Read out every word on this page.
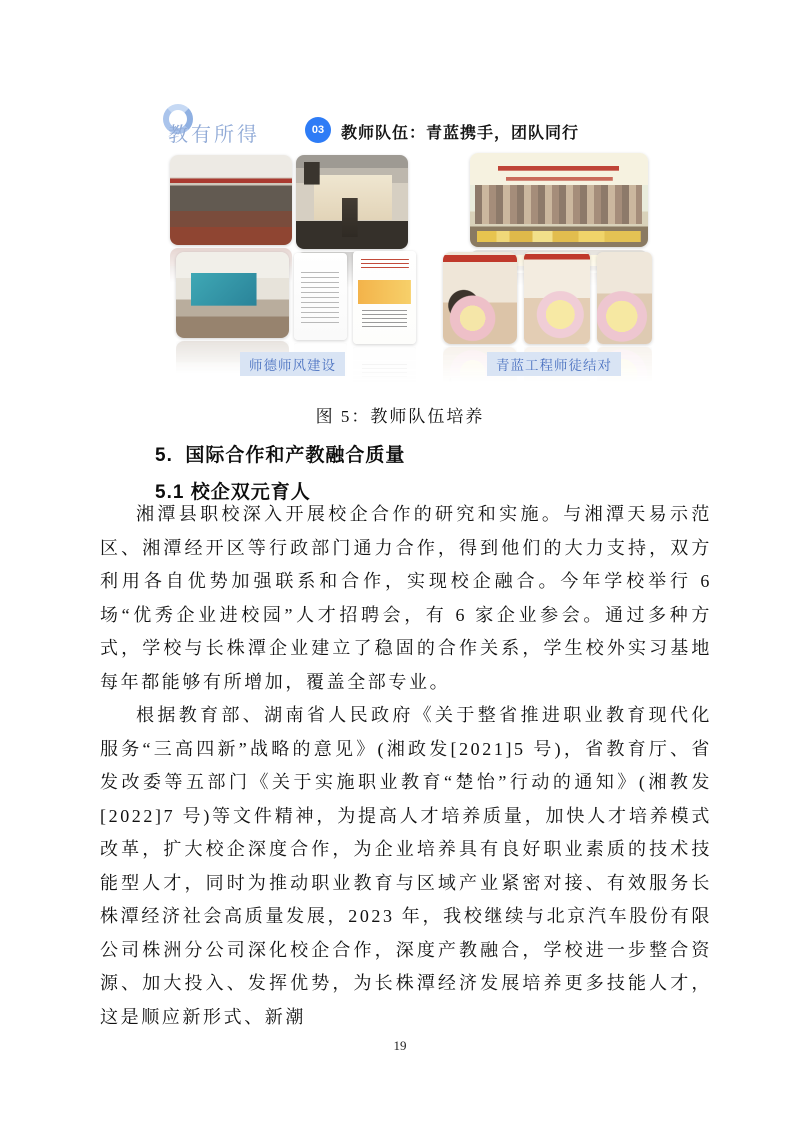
教有所得	03	教师队伍：青蓝携手，团队同行
师德师风建设	青蓝工程师徒结对
图 5：教师队伍培养
5.  国际合作和产教融合质量
5.1 校企双元育人

湘潭县职校深入开展校企合作的研究和实施。与湘潭天易示范区、湘潭经开区等行政部门通力合作，得到他们的大力支持，双方利用各自优势加强联系和合作，实现校企融合。今年学校举行 6 场“优秀企业进校园”人才招聘会，有 6 家企业参会。通过多种方式，学校与长株潭企业建立了稳固的合作关系，学生校外实习基地每年都能够有所增加，覆盖全部专业。

根据教育部、湖南省人民政府《关于整省推进职业教育现代化 服务“三高四新”战略的意见》(湘政发[2021]5 号)，省教育厅、省发改委等五部门《关于实施职业教育“楚怡”行动的通知》(湘教发[2022]7 号)等文件精神，为提高人才培养质量，加快人才培养模式改革，扩大校企深度合作，为企业培养具有良好职业素质的技术技能型人才，同时为推动职业教育与区域产业紧密对接、有效服务长株潭经济社会高质量发展，2023 年，我校继续与北京汽车股份有限公司株洲分公司深化校企合作，深度产教融合，学校进一步整合资源、加大投入、发挥优势，为长株潭经济发展培养更多技能人才，这是顺应新形式、新潮

19
